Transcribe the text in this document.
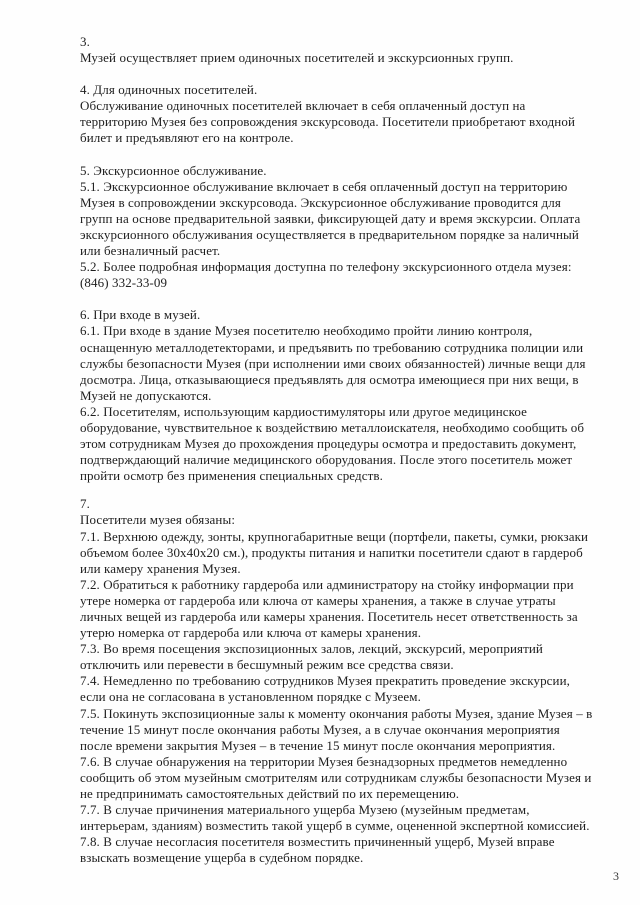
3.
Музей осуществляет прием одиночных посетителей и экскурсионных групп.
4. Для одиночных посетителей.
Обслуживание одиночных посетителей включает в себя оплаченный доступ на
территорию Музея без сопровождения экскурсовода. Посетители приобретают входной
билет и предъявляют его на контроле.
5. Экскурсионное обслуживание.
5.1. Экскурсионное обслуживание включает в себя оплаченный доступ на территорию
Музея в сопровождении экскурсовода. Экскурсионное обслуживание проводится для
групп на основе предварительной заявки, фиксирующей дату и время экскурсии. Оплата
экскурсионного обслуживания осуществляется в предварительном порядке за наличный
или безналичный расчет.
5.2. Более подробная информация доступна по телефону экскурсионного отдела музея:
(846) 332-33-09
6. При входе в музей.
6.1. При входе в здание Музея посетителю необходимо пройти линию контроля,
оснащенную металлодетекторами, и предъявить по требованию сотрудника полиции или
службы безопасности Музея (при исполнении ими своих обязанностей) личные вещи для
досмотра. Лица, отказывающиеся предъявлять для осмотра имеющиеся при них вещи, в
Музей не допускаются.
6.2. Посетителям, использующим кардиостимуляторы или другое медицинское
оборудование, чувствительное к воздействию металлоискателя, необходимо сообщить об
этом сотрудникам Музея до прохождения процедуры осмотра и предоставить документ,
подтверждающий наличие медицинского оборудования. После этого посетитель может
пройти осмотр без применения специальных средств.
7.
Посетители музея обязаны:
7.1. Верхнюю одежду, зонты, крупногабаритные вещи (портфели, пакеты, сумки, рюкзаки
объемом более 30х40х20 см.), продукты питания и напитки посетители сдают в гардероб
или камеру хранения Музея.
7.2. Обратиться к работнику гардероба или администратору на стойку информации при
утере номерка от гардероба или ключа от камеры хранения, а также в случае утраты
личных вещей из гардероба или камеры хранения. Посетитель несет ответственность за
утерю номерка от гардероба или ключа от камеры хранения.
7.3. Во время посещения экспозиционных залов, лекций, экскурсий, мероприятий
отключить или перевести в бесшумный режим все средства связи.
7.4. Немедленно по требованию сотрудников Музея прекратить проведение экскурсии,
если она не согласована в установленном порядке с Музеем.
7.5. Покинуть экспозиционные залы к моменту окончания работы Музея, здание Музея – в
течение 15 минут после окончания работы Музея, а в случае окончания мероприятия
после времени закрытия Музея – в течение 15 минут после окончания мероприятия.
7.6. В случае обнаружения на территории Музея безнадзорных предметов немедленно
сообщить об этом музейным смотрителям или сотрудникам службы безопасности Музея и
не предпринимать самостоятельных действий по их перемещению.
7.7. В случае причинения материального ущерба Музею (музейным предметам,
интерьерам, зданиям) возместить такой ущерб в сумме, оцененной экспертной комиссией.
7.8. В случае несогласия посетителя возместить причиненный ущерб, Музей вправе
взыскать возмещение ущерба в судебном порядке.
3
